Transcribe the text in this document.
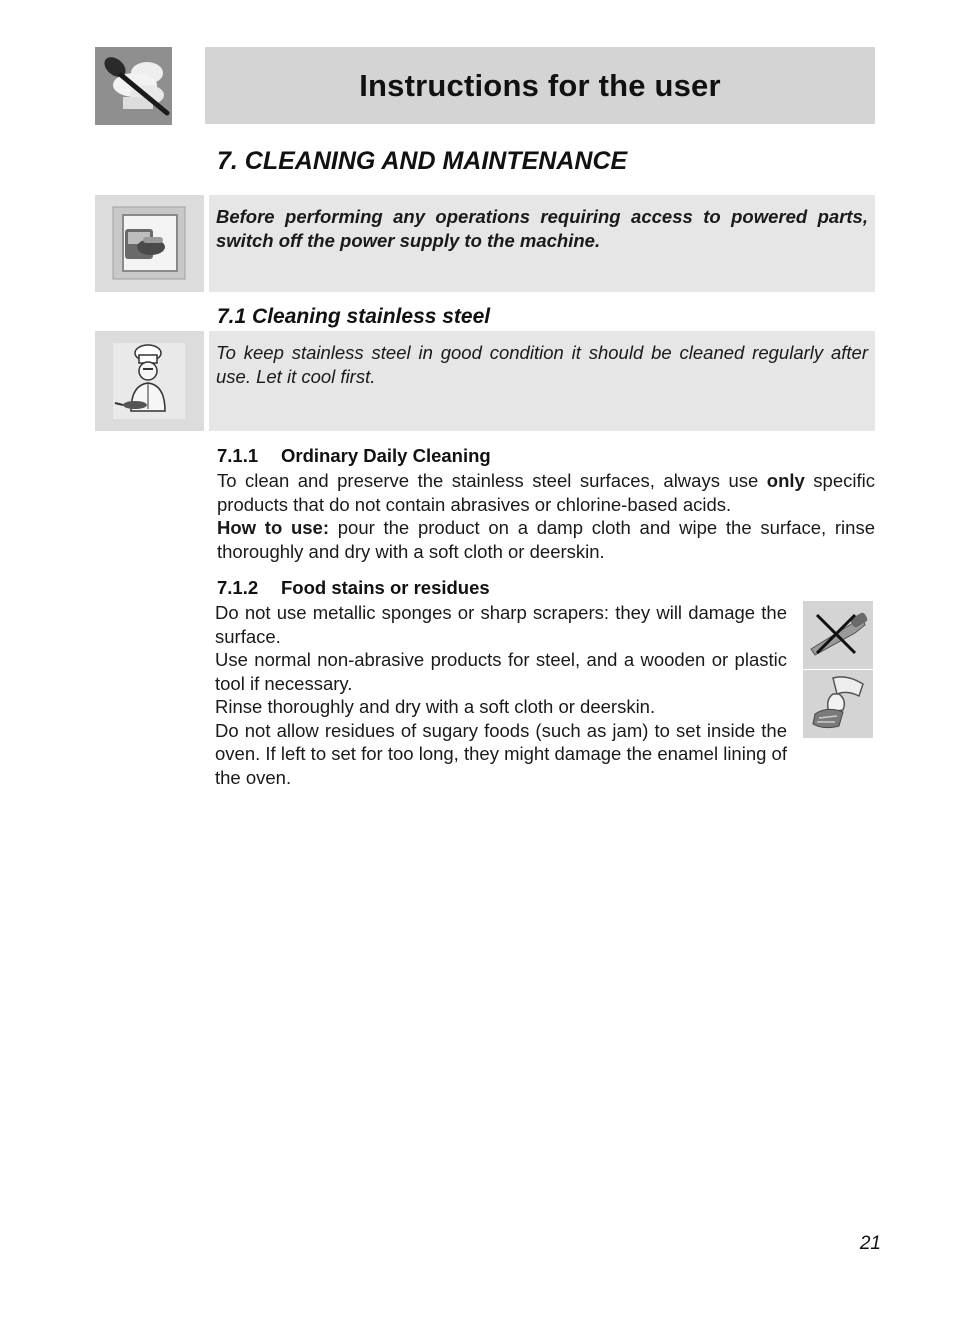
Instructions for the user
7. CLEANING AND MAINTENANCE
Before performing any operations requiring access to powered parts, switch off the power supply to the machine.
7.1 Cleaning stainless steel
To keep stainless steel in good condition it should be cleaned regularly after use. Let it cool first.
7.1.1 Ordinary Daily Cleaning

To clean and preserve the stainless steel surfaces, always use only specific products that do not contain abrasives or chlorine-based acids.

How to use: pour the product on a damp cloth and wipe the surface, rinse thoroughly and dry with a soft cloth or deerskin.

7.1.2 Food stains or residues

Do not use metallic sponges or sharp scrapers: they will damage the surface.

Use normal non-abrasive products for steel, and a wooden or plastic tool if necessary.

Rinse thoroughly and dry with a soft cloth or deerskin.

Do not allow residues of sugary foods (such as jam) to set inside the oven. If left to set for too long, they might damage the enamel lining of the oven.

21
